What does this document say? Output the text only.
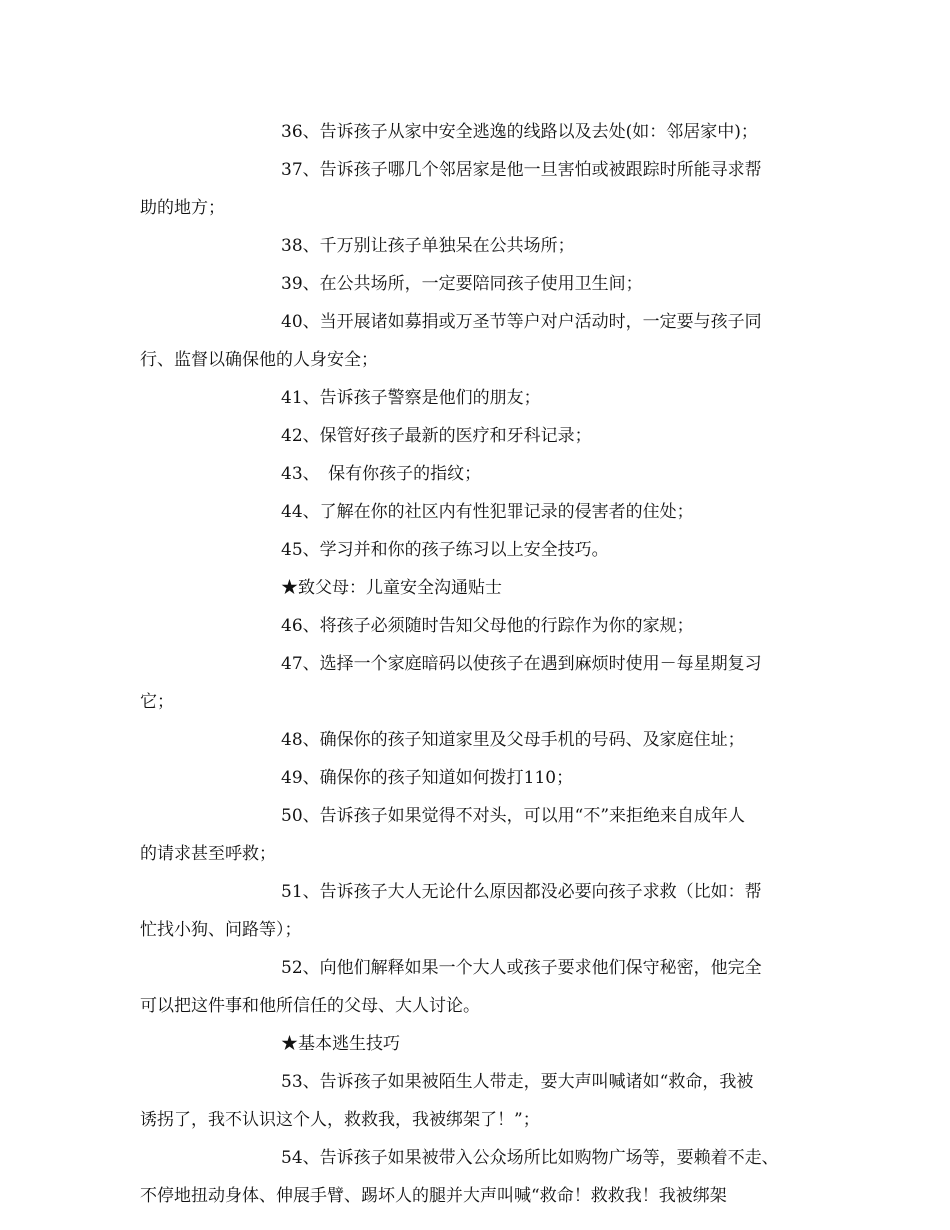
36、告诉孩子从家中安全逃逸的线路以及去处(如：邻居家中)；
37、告诉孩子哪几个邻居家是他一旦害怕或被跟踪时所能寻求帮
助的地方；
38、千万别让孩子单独呆在公共场所；
39、在公共场所，一定要陪同孩子使用卫生间；
40、当开展诸如募捐或万圣节等户对户活动时，一定要与孩子同
行、监督以确保他的人身安全；
41、告诉孩子警察是他们的朋友；
42、保管好孩子最新的医疗和牙科记录；
43、　保有你孩子的指纹；
44、了解在你的社区内有性犯罪记录的侵害者的住处；
45、学习并和你的孩子练习以上安全技巧。
★致父母：儿童安全沟通贴士
46、将孩子必须随时告知父母他的行踪作为你的家规；
47、选择一个家庭暗码以使孩子在遇到麻烦时使用－每星期复习
它；
48、确保你的孩子知道家里及父母手机的号码、及家庭住址；
49、确保你的孩子知道如何拨打110；
50、告诉孩子如果觉得不对头，可以用“不”来拒绝来自成年人
的请求甚至呼救；
51、告诉孩子大人无论什么原因都没必要向孩子求救（比如：帮
忙找小狗、问路等）；
52、向他们解释如果一个大人或孩子要求他们保守秘密，他完全
可以把这件事和他所信任的父母、大人讨论。
★基本逃生技巧
53、告诉孩子如果被陌生人带走，要大声叫喊诸如“救命，我被
诱拐了，我不认识这个人，救救我，我被绑架了！”；
54、告诉孩子如果被带入公众场所比如购物广场等，要赖着不走、
不停地扭动身体、伸展手臂、踢坏人的腿并大声叫喊“救命！救救我！我被绑架
